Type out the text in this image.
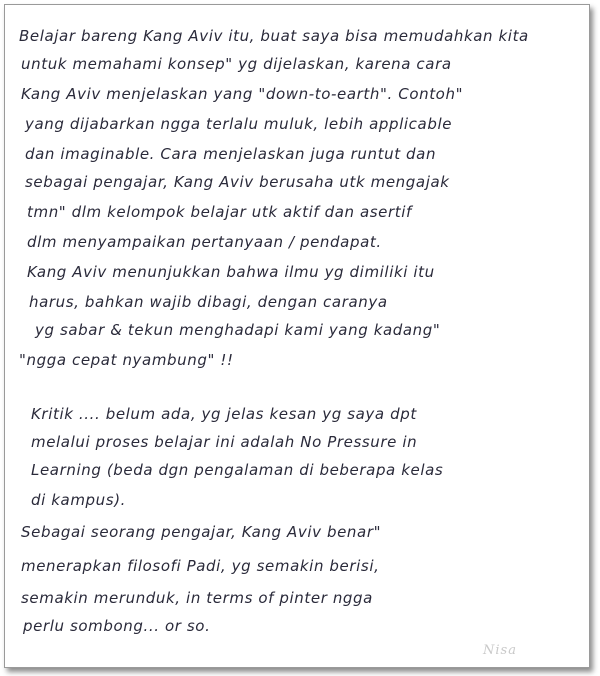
Belajar bareng Kang Aviv itu, buat saya bisa memudahkan kita
untuk memahami konsep" yg dijelaskan, karena cara
Kang Aviv menjelaskan yang "down-to-earth". Contoh"
yang dijabarkan ngga terlalu muluk, lebih applicable
dan imaginable. Cara menjelaskan juga runtut dan
sebagai pengajar, Kang Aviv berusaha utk mengajak
tmn" dlm kelompok belajar utk aktif dan asertif
dlm menyampaikan pertanyaan / pendapat.
Kang Aviv menunjukkan bahwa ilmu yg dimiliki itu
harus, bahkan wajib dibagi, dengan caranya
yg sabar & tekun menghadapi kami yang kadang"
"ngga cepat nyambung" !!
Kritik .... belum ada, yg jelas kesan yg saya dpt
melalui proses belajar ini adalah No Pressure in
Learning (beda dgn pengalaman di beberapa kelas
di kampus).
Sebagai seorang pengajar, Kang Aviv benar"
menerapkan filosofi Padi, yg semakin berisi,
semakin merunduk, in terms of pinter ngga
perlu sombong... or so.
Nisa
